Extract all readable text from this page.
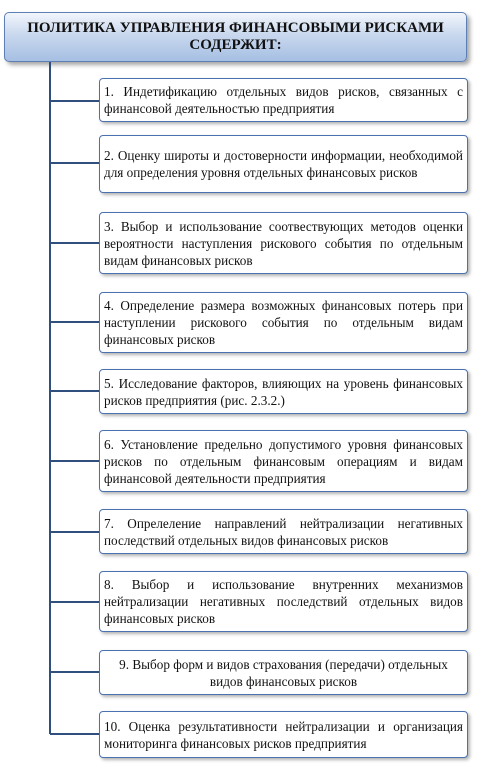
ПОЛИТИКА УПРАВЛЕНИЯ ФИНАНСОВЫМИ РИСКАМИ СОДЕРЖИТ:
1. Индетификацию отдельных видов рисков, связанных с финансовой деятельностью предприятия
2. Оценку широты и достоверности информации, необходимой для определения уровня отдельных финансовых рисков
3. Выбор и использование соотвествующих методов оценки вероятности наступления рискового события по отдельным видам финансовых рисков
4. Определение размера возможных финансовых потерь при наступлении рискового события по отдельным видам финансовых рисков
5. Исследование факторов, влияющих на уровень финансовых рисков предприятия (рис. 2.3.2.)
6. Установление предельно допустимого уровня финансовых рисков по отдельным финансовым операциям и видам финансовой деятельности предприятия
7. Опрелеление направлений нейтрализации негативных последствий отдельных видов финансовых рисков
8. Выбор и использование внутренних механизмов нейтрализации негативных последствий отдельных видов финансовых рисков
9. Выбор форм и видов страхования (передачи) отдельных видов финансовых рисков
10. Оценка результативности нейтрализации и организация мониторинга финансовых рисков предприятия
